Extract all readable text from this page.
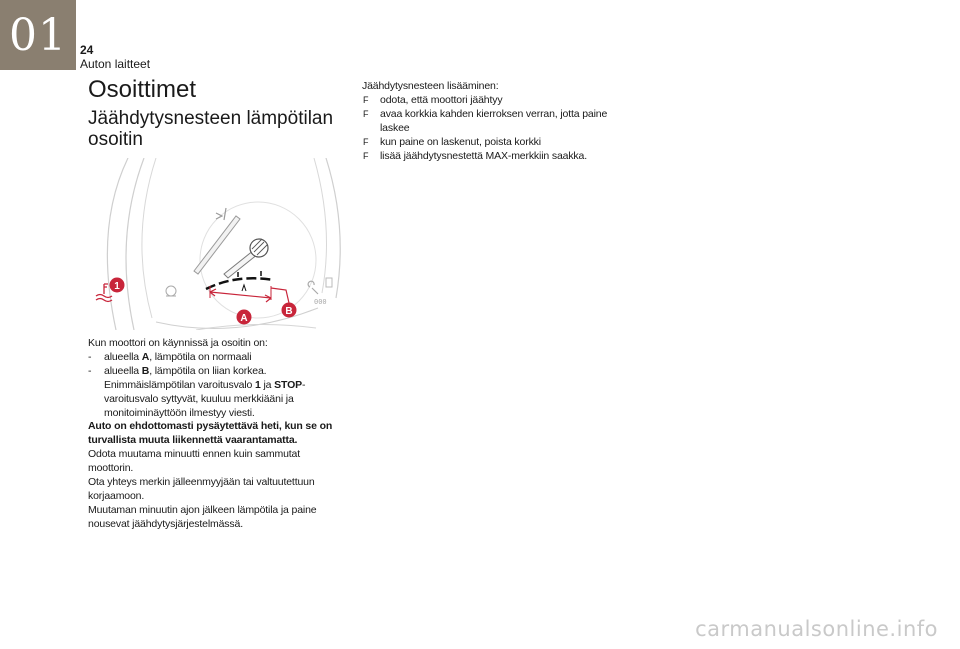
01 24
Auton laitteet
Osoittimet
Jäähdytysnesteen lämpötilan osoitin
000
1
A
B

Kun moottori on käynnissä ja osoitin on:

- alueella A, lämpötila on normaali

- alueella B, lämpötila on liian korkea.
Enimmäislämpötilan varoitusvalo 1 ja STOP-varoitusvalo syttyvät, kuuluu merkkiääni ja monitoiminäyttöön ilmestyy viesti.

Auto on ehdottomasti pysäytettävä heti, kun se on turvallista muuta liikennettä vaarantamatta.

Odota muutama minuutti ennen kuin sammutat moottorin.

Ota yhteys merkin jälleenmyyjään tai valtuutettuun korjaamoon.

Muutaman minuutin ajon jälkeen lämpötila ja paine nousevat jäähdytysjärjestelmässä.

Jäähdytysnesteen lisääminen:

F odota, että moottori jäähtyy

F avaa korkkia kahden kierroksen verran, jotta paine laskee

F kun paine on laskenut, poista korkki

F lisää jäähdytysnestettä MAX-merkkiin saakka.

carmanualsonline.info
